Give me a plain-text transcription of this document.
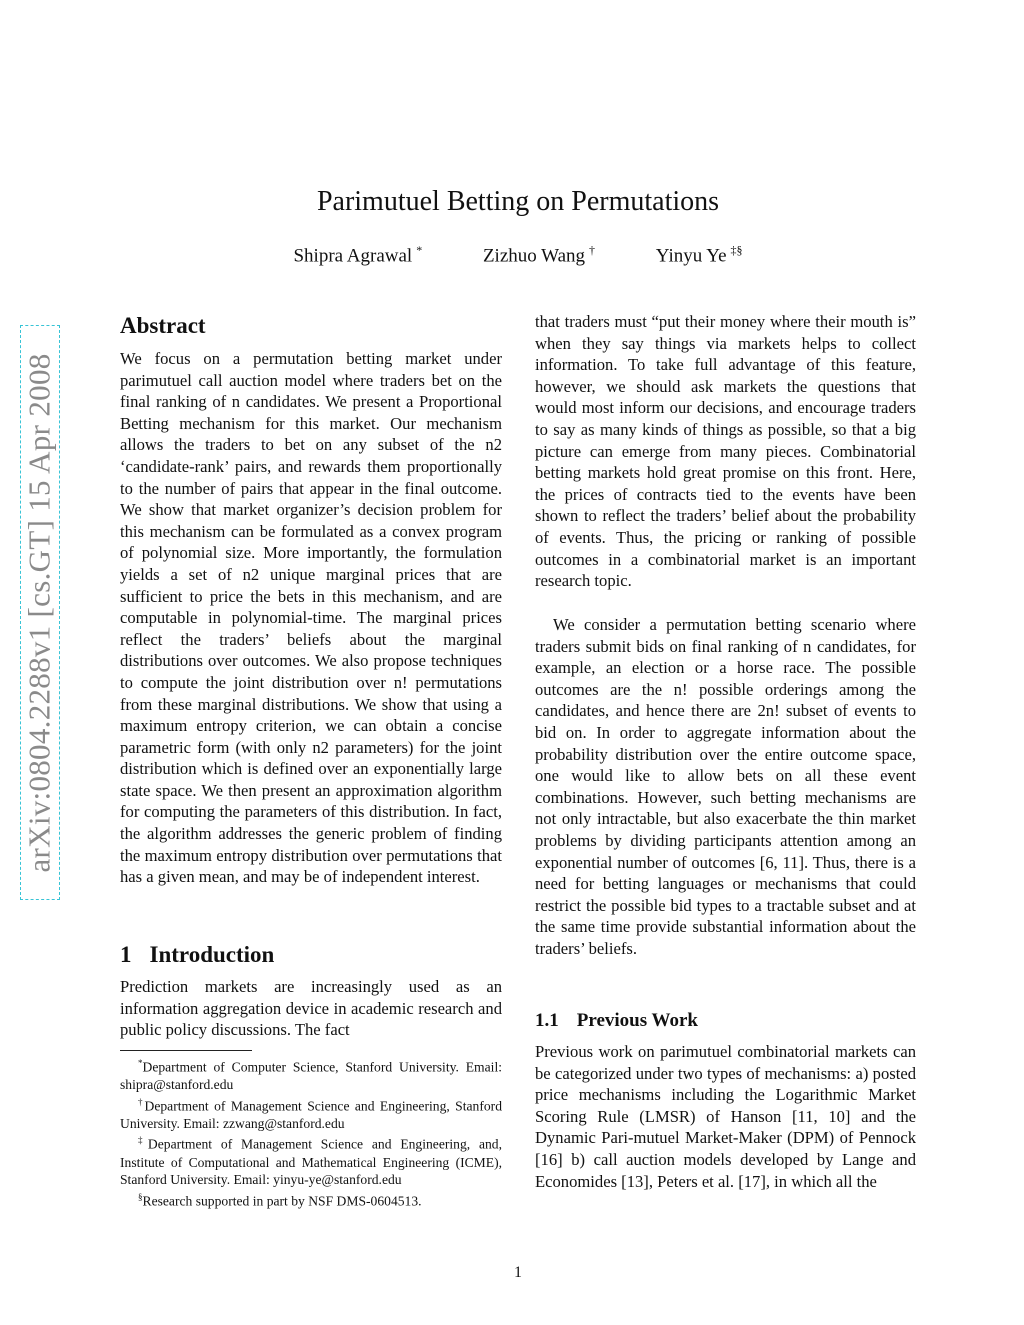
arXiv:0804.2288v1 [cs.GT] 15 Apr 2008
Parimutuel Betting on Permutations
Shipra Agrawal *	Zizhuo Wang †	Yinyu Ye ‡§
Abstract

We focus on a permutation betting market under parimutuel call auction model where traders bet on the final ranking of n candidates. We present a Proportional Betting mechanism for this market. Our mechanism allows the traders to bet on any subset of the n2 ‘candidate-rank’ pairs, and rewards them proportionally to the number of pairs that appear in the final outcome. We show that market organizer’s decision problem for this mechanism can be formulated as a convex program of polynomial size. More importantly, the formulation yields a set of n2 unique marginal prices that are sufficient to price the bets in this mechanism, and are computable in polynomial-time. The marginal prices reflect the traders’ beliefs about the marginal distributions over outcomes. We also propose techniques to compute the joint distribution over n! permutations from these marginal distributions. We show that using a maximum entropy criterion, we can obtain a concise parametric form (with only n2 parameters) for the joint distribution which is defined over an exponentially large state space. We then present an approximation algorithm for computing the parameters of this distribution. In fact, the algorithm addresses the generic problem of finding the maximum entropy distribution over permutations that has a given mean, and may be of independent interest.

1 Introduction

Prediction markets are increasingly used as an information aggregation device in academic research and public policy discussions. The fact

*Department of Computer Science, Stanford University. Email: shipra@stanford.edu

†Department of Management Science and Engineering, Stanford University. Email: zzwang@stanford.edu

‡Department of Management Science and Engineering, and, Institute of Computational and Mathematical Engineering (ICME), Stanford University. Email: yinyu-ye@stanford.edu

§Research supported in part by NSF DMS-0604513.

that traders must “put their money where their mouth is” when they say things via markets helps to collect information. To take full advantage of this feature, however, we should ask markets the questions that would most inform our decisions, and encourage traders to say as many kinds of things as possible, so that a big picture can emerge from many pieces. Combinatorial betting markets hold great promise on this front. Here, the prices of contracts tied to the events have been shown to reflect the traders’ belief about the probability of events. Thus, the pricing or ranking of possible outcomes in a combinatorial market is an important research topic.

We consider a permutation betting scenario where traders submit bids on final ranking of n candidates, for example, an election or a horse race. The possible outcomes are the n! possible orderings among the candidates, and hence there are 2n! subset of events to bid on. In order to aggregate information about the probability distribution over the entire outcome space, one would like to allow bets on all these event combinations. However, such betting mechanisms are not only intractable, but also exacerbate the thin market problems by dividing participants attention among an exponential number of outcomes [6, 11]. Thus, there is a need for betting languages or mechanisms that could restrict the possible bid types to a tractable subset and at the same time provide substantial information about the traders’ beliefs.

1.1 Previous Work

Previous work on parimutuel combinatorial markets can be categorized under two types of mechanisms: a) posted price mechanisms including the Logarithmic Market Scoring Rule (LMSR) of Hanson [11, 10] and the Dynamic Pari-mutuel Market-Maker (DPM) of Pennock [16] b) call auction models developed by Lange and Economides [13], Peters et al. [17], in which all the

1
